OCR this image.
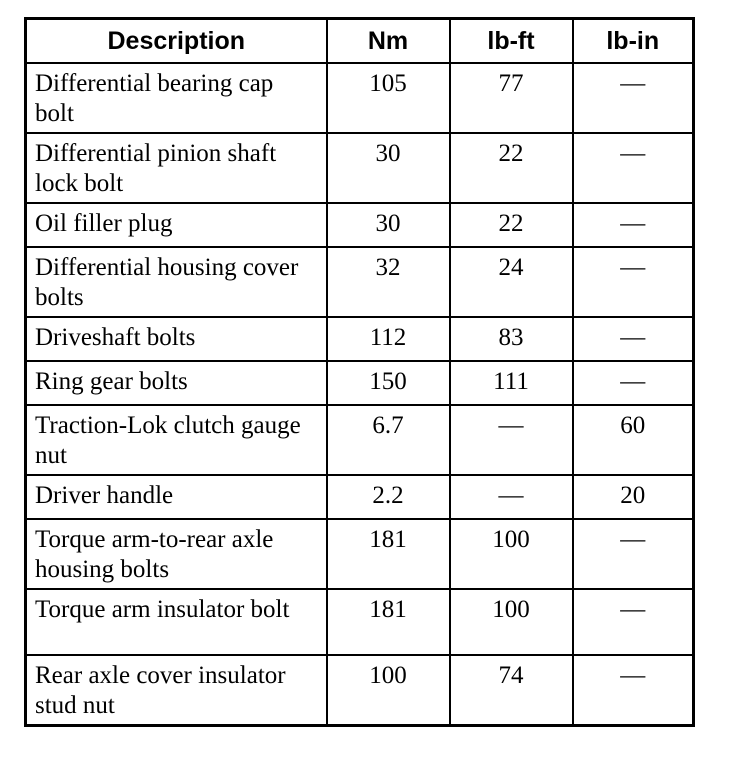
Description	Nm	lb-ft	lb-in
Differential bearing cap bolt	105	77	—
Differential pinion shaft lock bolt	30	22	—
Oil filler plug	30	22	—
Differential housing cover bolts	32	24	—
Driveshaft bolts	112	83	—
Ring gear bolts	150	111	—
Traction-Lok clutch gauge nut	6.7	—	60
Driver handle	2.2	—	20
Torque arm-to-rear axle housing bolts	181	100	—
Torque arm insulator bolt	181	100	—
Rear axle cover insulator stud nut	100	74	—
